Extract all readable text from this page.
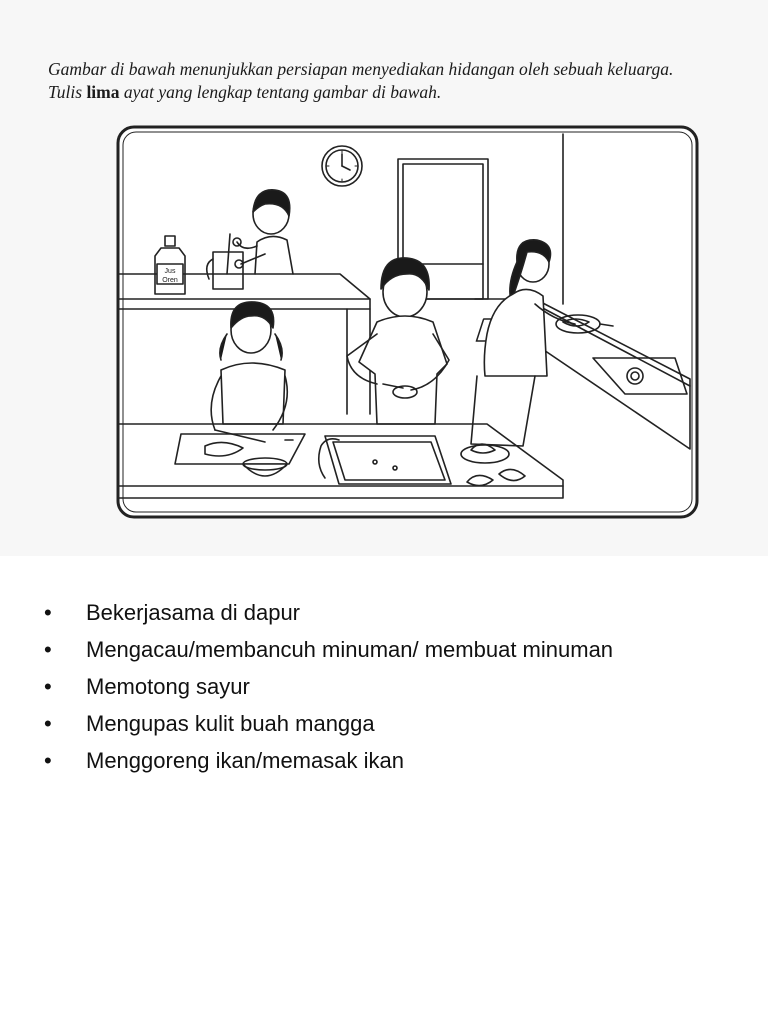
Gambar di bawah menunjukkan persiapan menyediakan hidangan oleh sebuah keluarga.
Tulis lima ayat yang lengkap tentang gambar di bawah.
Jus
Oren
• Bekerjasama di dapur
• Mengacau/membancuh minuman/ membuat minuman
• Memotong sayur
• Mengupas kulit buah mangga
• Menggoreng ikan/memasak ikan
